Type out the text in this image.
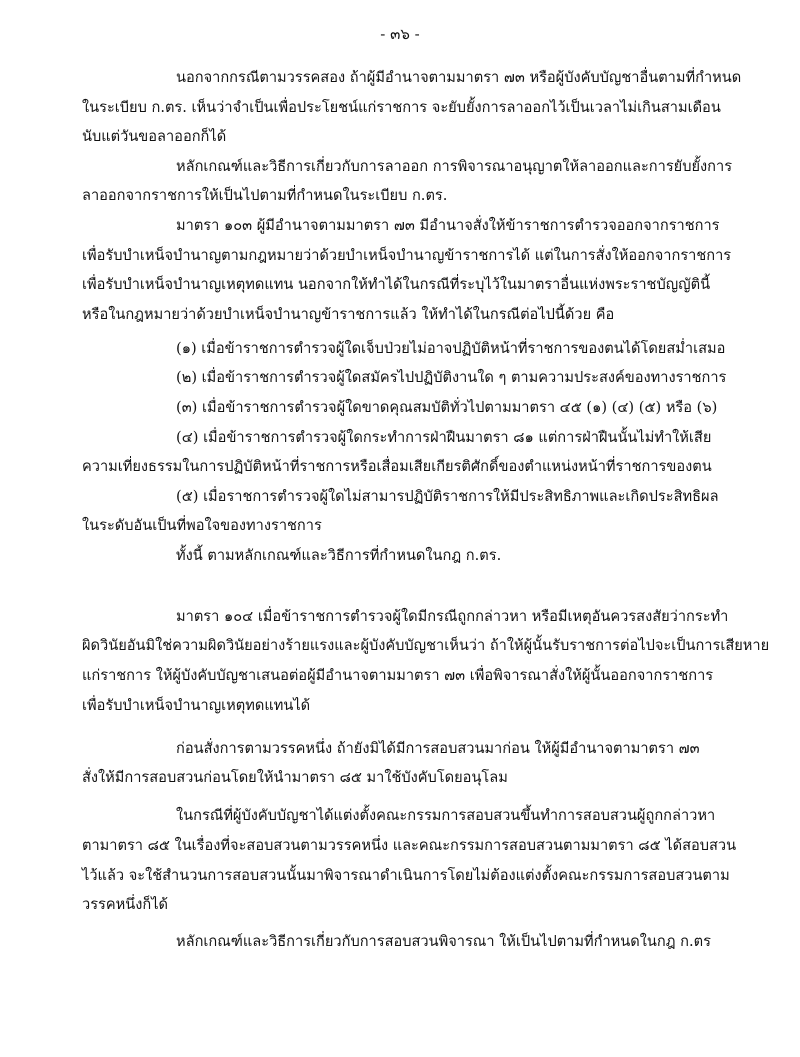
- ๓๖ -
นอกจากกรณีตามวรรคสอง ถ้าผู้มีอำนาจตามมาตรา ๗๓ หรือผู้บังคับบัญชาอื่นตามที่กำหนด
ในระเบียบ ก.ตร. เห็นว่าจำเป็นเพื่อประโยชน์แก่ราชการ จะยับยั้งการลาออกไว้เป็นเวลาไม่เกินสามเดือน
นับแต่วันขอลาออกก็ได้
หลักเกณฑ์และวิธีการเกี่ยวกับการลาออก การพิจารณาอนุญาตให้ลาออกและการยับยั้งการ
ลาออกจากราชการให้เป็นไปตามที่กำหนดในระเบียบ ก.ตร.
มาตรา ๑๐๓ ผู้มีอำนาจตามมาตรา ๗๓ มีอำนาจสั่งให้ข้าราชการตำรวจออกจากราชการ
เพื่อรับบำเหน็จบำนาญตามกฎหมายว่าด้วยบำเหน็จบำนาญข้าราชการได้ แต่ในการสั่งให้ออกจากราชการ
เพื่อรับบำเหน็จบำนาญเหตุทดแทน นอกจากให้ทำได้ในกรณีที่ระบุไว้ในมาตราอื่นแห่งพระราชบัญญัตินี้
หรือในกฎหมายว่าด้วยบำเหน็จบำนาญข้าราชการแล้ว ให้ทำได้ในกรณีต่อไปนี้ด้วย คือ
(๑) เมื่อข้าราชการตำรวจผู้ใดเจ็บป่วยไม่อาจปฏิบัติหน้าที่ราชการของตนได้โดยสม่ำเสมอ
(๒) เมื่อข้าราชการตำรวจผู้ใดสมัครไปปฏิบัติงานใด ๆ ตามความประสงค์ของทางราชการ
(๓) เมื่อข้าราชการตำรวจผู้ใดขาดคุณสมบัติทั่วไปตามมาตรา ๔๕ (๑) (๔) (๕) หรือ (๖)
(๔) เมื่อข้าราชการตำรวจผู้ใดกระทำการฝ่าฝืนมาตรา ๘๑ แต่การฝ่าฝืนนั้นไม่ทำให้เสีย
ความเที่ยงธรรมในการปฏิบัติหน้าที่ราชการหรือเสื่อมเสียเกียรติศักดิ์ของตำแหน่งหน้าที่ราชการของตน
(๕) เมื่อราชการตำรวจผู้ใดไม่สามารปฏิบัติราชการให้มีประสิทธิภาพและเกิดประสิทธิผล
ในระดับอันเป็นที่พอใจของทางราชการ
ทั้งนี้ ตามหลักเกณฑ์และวิธีการที่กำหนดในกฎ ก.ตร.
มาตรา ๑๐๔ เมื่อข้าราชการตำรวจผู้ใดมีกรณีถูกกล่าวหา หรือมีเหตุอันควรสงสัยว่ากระทำ
ผิดวินัยอันมิใช่ความผิดวินัยอย่างร้ายแรงและผู้บังคับบัญชาเห็นว่า ถ้าให้ผู้นั้นรับราชการต่อไปจะเป็นการเสียหาย
แก่ราชการ ให้ผู้บังคับบัญชาเสนอต่อผู้มีอำนาจตามมาตรา ๗๓ เพื่อพิจารณาสั่งให้ผู้นั้นออกจากราชการ
เพื่อรับบำเหน็จบำนาญเหตุทดแทนได้
ก่อนสั่งการตามวรรคหนึ่ง ถ้ายังมิได้มีการสอบสวนมาก่อน ให้ผู้มีอำนาจตามาตรา ๗๓
สั่งให้มีการสอบสวนก่อนโดยให้นำมาตรา ๘๕ มาใช้บังคับโดยอนุโลม
ในกรณีที่ผู้บังคับบัญชาได้แต่งตั้งคณะกรรมการสอบสวนขึ้นทำการสอบสวนผู้ถูกกล่าวหา
ตามาตรา ๘๕ ในเรื่องที่จะสอบสวนตามวรรคหนึ่ง และคณะกรรมการสอบสวนตามมาตรา ๘๕ ได้สอบสวน
ไว้แล้ว จะใช้สำนวนการสอบสวนนั้นมาพิจารณาดำเนินการโดยไม่ต้องแต่งตั้งคณะกรรมการสอบสวนตาม
วรรคหนึ่งก็ได้
หลักเกณฑ์และวิธีการเกี่ยวกับการสอบสวนพิจารณา ให้เป็นไปตามที่กำหนดในกฎ ก.ตร
